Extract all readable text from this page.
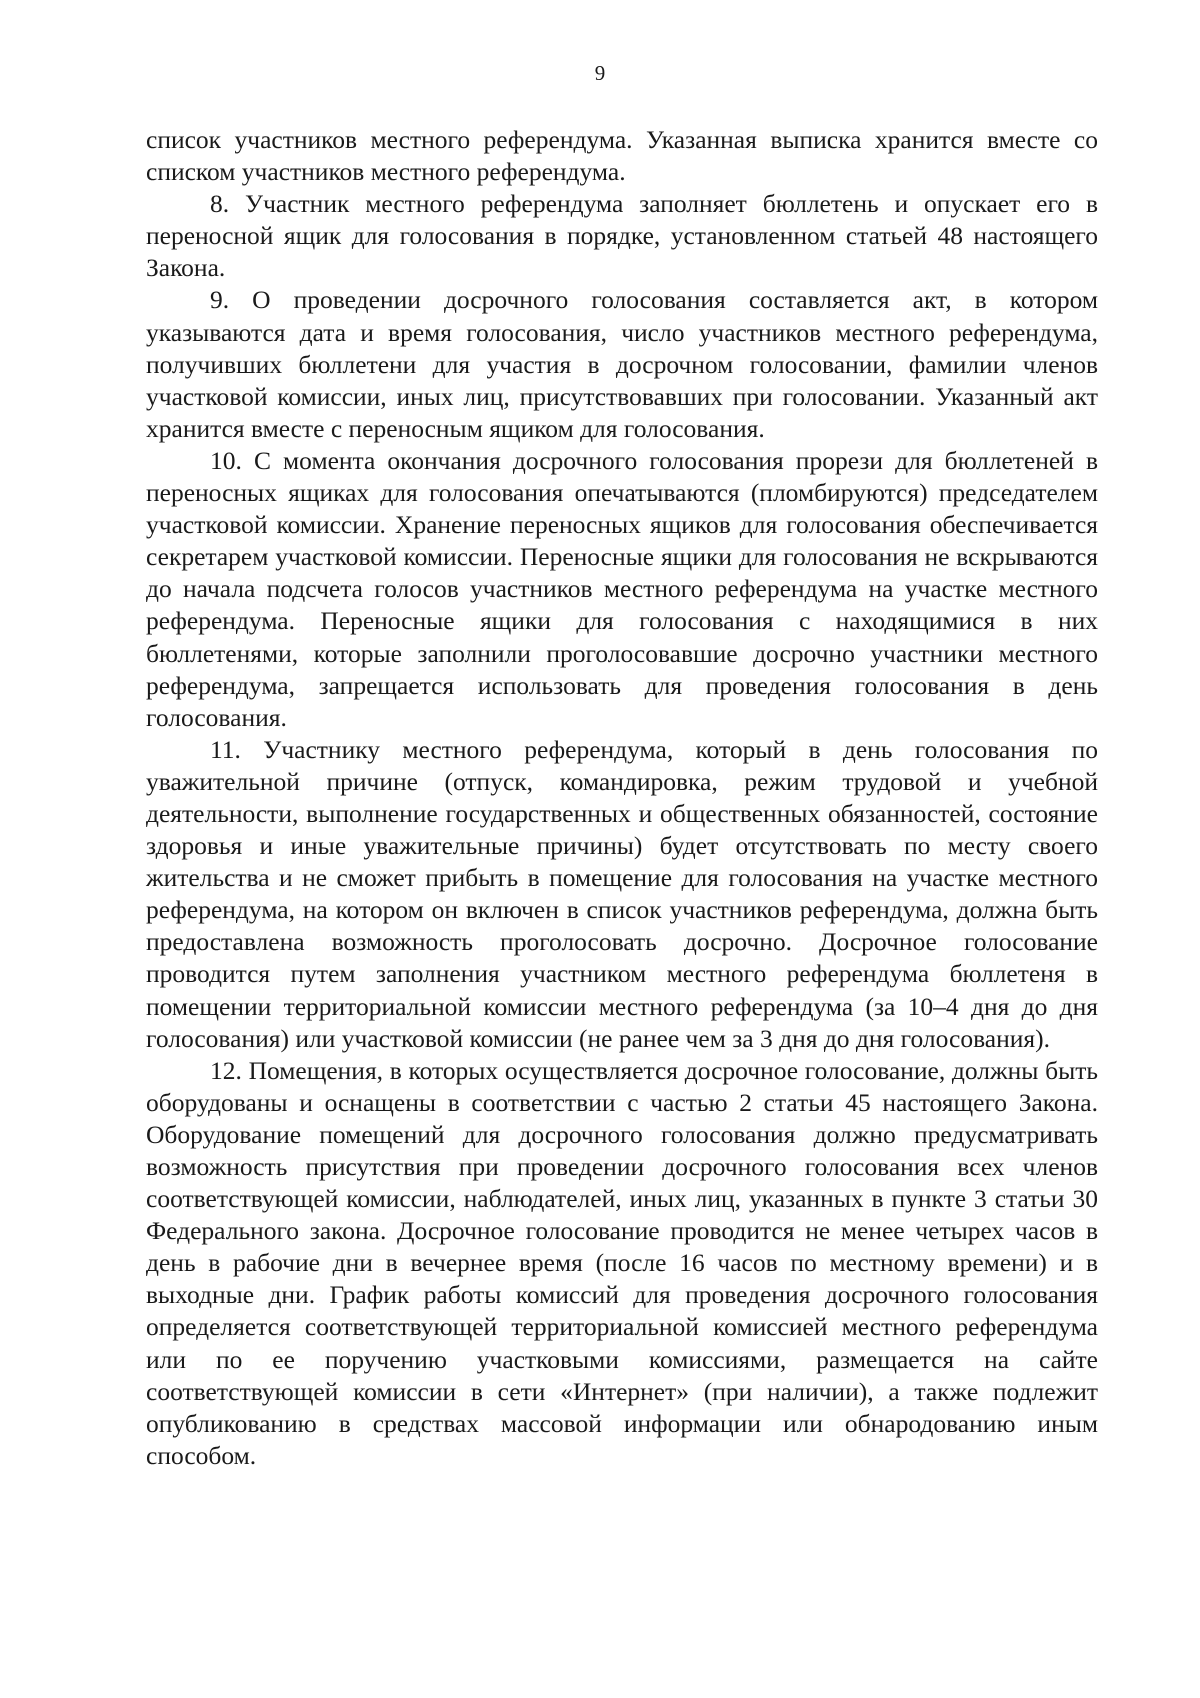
9

список участников местного референдума. Указанная выписка хранится вместе со списком участников местного референдума.

8. Участник местного референдума заполняет бюллетень и опускает его в переносной ящик для голосования в порядке, установленном статьей 48 настоящего Закона.

9. О проведении досрочного голосования составляется акт, в котором указываются дата и время голосования, число участников местного референдума, получивших бюллетени для участия в досрочном голосовании, фамилии членов участковой комиссии, иных лиц, присутствовавших при голосовании. Указанный акт хранится вместе с переносным ящиком для голосования.

10. С момента окончания досрочного голосования прорези для бюллетеней в переносных ящиках для голосования опечатываются (пломбируются) председателем участковой комиссии. Хранение переносных ящиков для голосования обеспечивается секретарем участковой комиссии. Переносные ящики для голосования не вскрываются до начала подсчета голосов участников местного референдума на участке местного референдума. Переносные ящики для голосования с находящимися в них бюллетенями, которые заполнили проголосовавшие досрочно участники местного референдума, запрещается использовать для проведения голосования в день голосования.

11. Участнику местного референдума, который в день голосования по уважительной причине (отпуск, командировка, режим трудовой и учебной деятельности, выполнение государственных и общественных обязанностей, состояние здоровья и иные уважительные причины) будет отсутствовать по месту своего жительства и не сможет прибыть в помещение для голосования на участке местного референдума, на котором он включен в список участников референдума, должна быть предоставлена возможность проголосовать досрочно. Досрочное голосование проводится путем заполнения участником местного референдума бюллетеня в помещении территориальной комиссии местного референдума (за 10–4 дня до дня голосования) или участковой комиссии (не ранее чем за 3 дня до дня голосования).

12. Помещения, в которых осуществляется досрочное голосование, должны быть оборудованы и оснащены в соответствии с частью 2 статьи 45 настоящего Закона. Оборудование помещений для досрочного голосования должно предусматривать возможность присутствия при проведении досрочного голосования всех членов соответствующей комиссии, наблюдателей, иных лиц, указанных в пункте 3 статьи 30 Федерального закона. Досрочное голосование проводится не менее четырех часов в день в рабочие дни в вечернее время (после 16 часов по местному времени) и в выходные дни. График работы комиссий для проведения досрочного голосования определяется соответствующей территориальной комиссией местного референдума или по ее поручению участковыми комиссиями, размещается на сайте соответствующей комиссии в сети «Интернет» (при наличии), а также подлежит опубликованию в средствах массовой информации или обнародованию иным способом.
